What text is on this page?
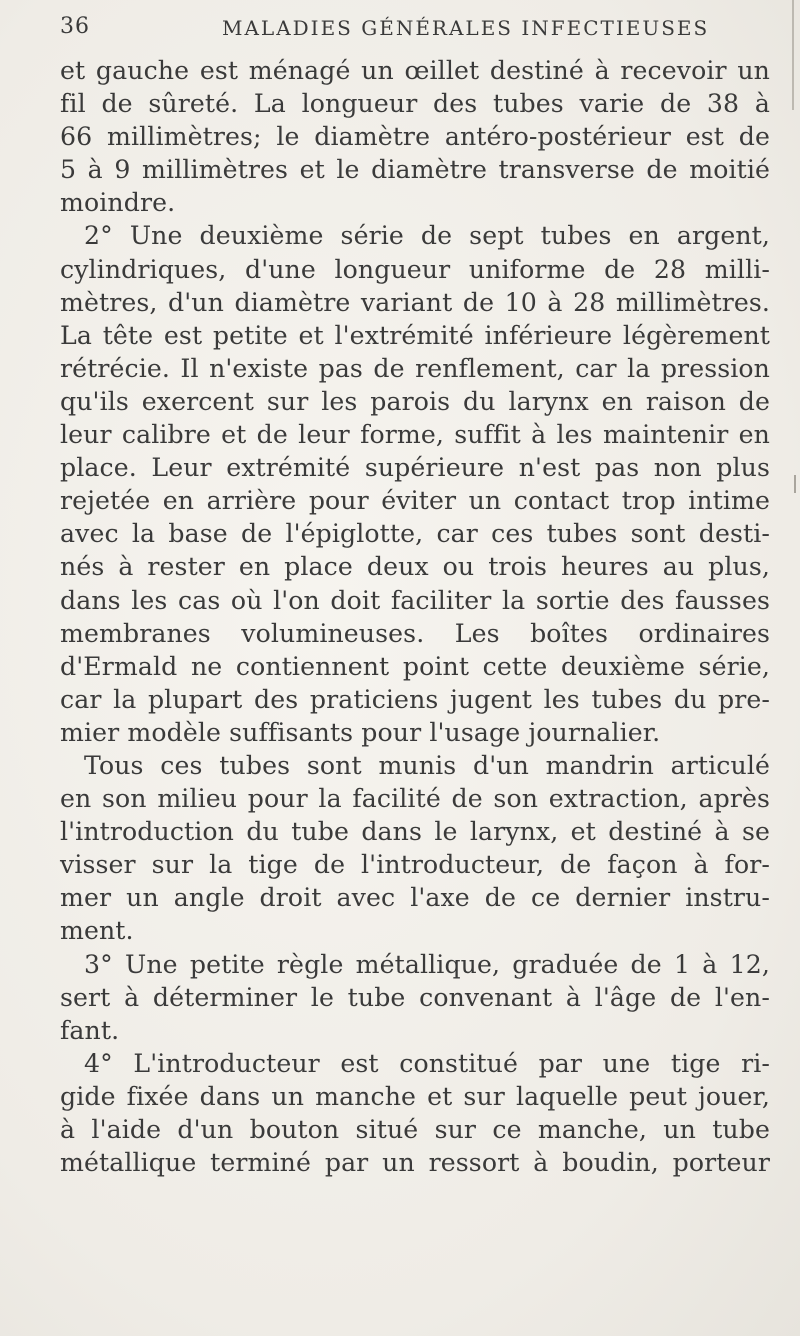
36	MALADIES GÉNÉRALES INFECTIEUSES
et gauche est ménagé un œillet destiné à recevoir un
fil de sûreté. La longueur des tubes varie de 38 à
66 millimètres; le diamètre antéro-postérieur est de
5 à 9 millimètres et le diamètre transverse de moitié
moindre.
2° Une deuxième série de sept tubes en argent,
cylindriques, d'une longueur uniforme de 28 milli-
mètres, d'un diamètre variant de 10 à 28 millimètres.
La tête est petite et l'extrémité inférieure légèrement
rétrécie. Il n'existe pas de renflement, car la pression
qu'ils exercent sur les parois du larynx en raison de
leur calibre et de leur forme, suffit à les maintenir en
place. Leur extrémité supérieure n'est pas non plus
rejetée en arrière pour éviter un contact trop intime
avec la base de l'épiglotte, car ces tubes sont desti-
nés à rester en place deux ou trois heures au plus,
dans les cas où l'on doit faciliter la sortie des fausses
membranes volumineuses. Les boîtes ordinaires
d'Ermald ne contiennent point cette deuxième série,
car la plupart des praticiens jugent les tubes du pre-
mier modèle suffisants pour l'usage journalier.
Tous ces tubes sont munis d'un mandrin articulé
en son milieu pour la facilité de son extraction, après
l'introduction du tube dans le larynx, et destiné à se
visser sur la tige de l'introducteur, de façon à for-
mer un angle droit avec l'axe de ce dernier instru-
ment.
3° Une petite règle métallique, graduée de 1 à 12,
sert à déterminer le tube convenant à l'âge de l'en-
fant.
4° L'introducteur est constitué par une tige ri-
gide fixée dans un manche et sur laquelle peut jouer,
à l'aide d'un bouton situé sur ce manche, un tube
métallique terminé par un ressort à boudin, porteur
